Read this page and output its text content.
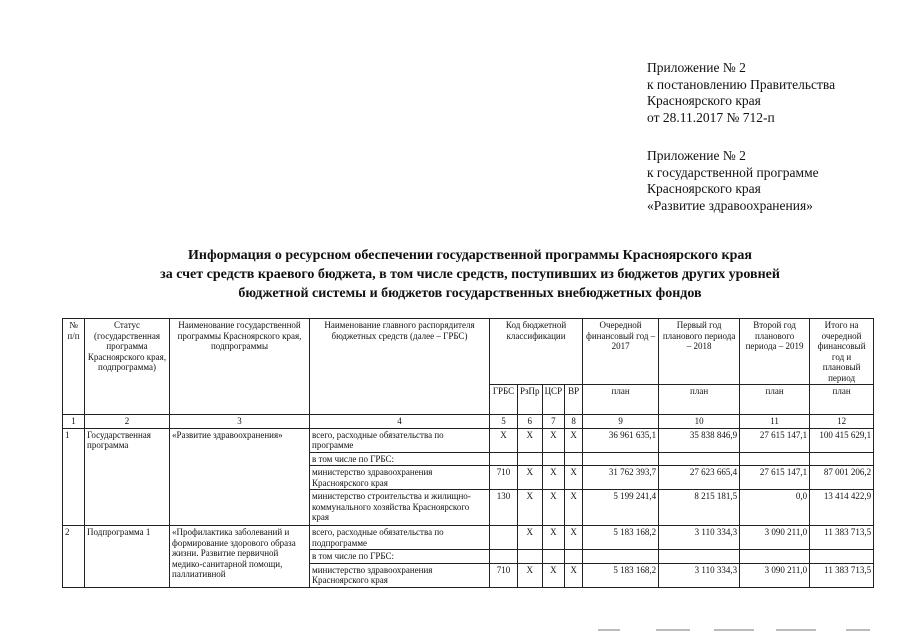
Приложение № 2
к постановлению Правительства
Красноярского края
от 28.11.2017 № 712-п
Приложение № 2
к государственной программе
Красноярского края
«Развитие здравоохранения»
Информация о ресурсном обеспечении государственной программы Красноярского края
за счет средств краевого бюджета, в том числе средств, поступивших из бюджетов других уровней
бюджетной системы и бюджетов государственных внебюджетных фондов
№ п/п	Статус (государственная программа Красноярского края, подпрограмма)	Наименование государственной программы Красноярского края, подпрограммы	Наименование главного распорядителя бюджетных средств (далее – ГРБС)	Код бюджетной классификации				Очередной финансовый год – 2017	Первый год планового периода – 2018	Второй год планового периода – 2019	Итого на очередной финансовый год и плановый период
				ГРБС	РзПр	ЦСР	ВР	план	план	план	план
1	2	3	4	5	6	7	8	9	10	11	12
1	Государственная программа	«Развитие здравоохранения»	всего, расходные обязательства по программе	Х	Х	Х	Х	36 961 635,1	35 838 846,9	27 615 147,1	100 415 629,1
			в том числе по ГРБС:								
			министерство здравоохранения Красноярского края	710	Х	Х	Х	31 762 393,7	27 623 665,4	27 615 147,1	87 001 206,2
			министерство строительства и жилищно-коммунального хозяйства Красноярского края	130	Х	Х	Х	5 199 241,4	8 215 181,5	0,0	13 414 422,9
2	Подпрограмма 1	«Профилактика заболеваний и формирование здорового образа жизни. Развитие первичной медико-санитарной помощи, паллиативной	всего, расходные обязательства по подпрограмме		Х	Х	Х	5 183 168,2	3 110 334,3	3 090 211,0	11 383 713,5
			в том числе по ГРБС:								
			министерство здравоохранения Красноярского края	710	Х	Х	Х	5 183 168,2	3 110 334,3	3 090 211,0	11 383 713,5
